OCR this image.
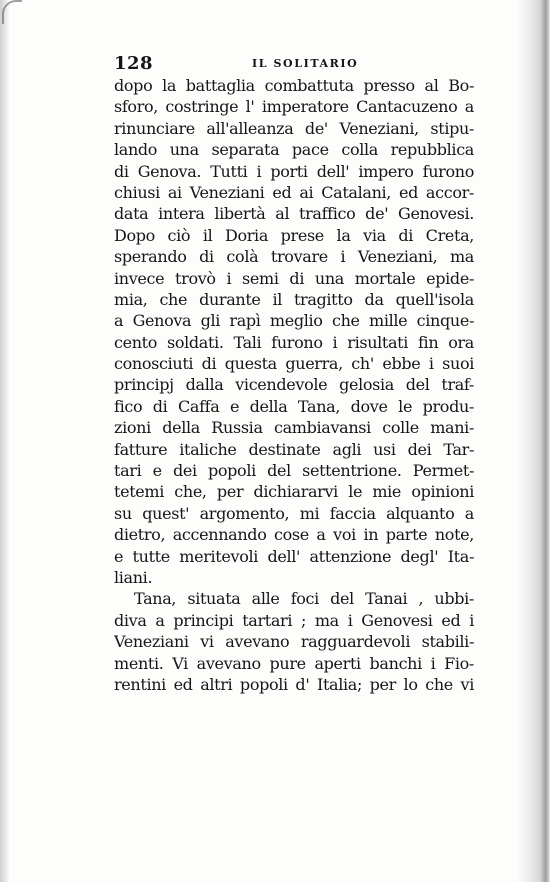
128	IL SOLITARIO
dopo la battaglia combattuta presso al Bo-
sforo, costringe l' imperatore Cantacuzeno a
rinunciare all'alleanza de' Veneziani, stipu-
lando una separata pace colla repubblica
di Genova. Tutti i porti dell' impero furono
chiusi ai Veneziani ed ai Catalani, ed accor-
data intera libertà al traffico de' Genovesi.
Dopo ciò il Doria prese la via di Creta,
sperando di colà trovare i Veneziani, ma
invece trovò i semi di una mortale epide-
mia, che durante il tragitto da quell'isola
a Genova gli rapì meglio che mille cinque-
cento soldati. Tali furono i risultati fin ora
conosciuti di questa guerra, ch' ebbe i suoi
principj dalla vicendevole gelosia del traf-
fico di Caffa e della Tana, dove le produ-
zioni della Russia cambiavansi colle mani-
fatture italiche destinate agli usi dei Tar-
tari e dei popoli del settentrione. Permet-
tetemi che, per dichiararvi le mie opinioni
su quest' argomento, mi faccia alquanto a
dietro, accennando cose a voi in parte note,
e tutte meritevoli dell' attenzione degl' Ita-
liani.
Tana, situata alle foci del Tanai , ubbi-
diva a principi tartari ; ma i Genovesi ed i
Veneziani vi avevano ragguardevoli stabili-
menti. Vi avevano pure aperti banchi i Fio-
rentini ed altri popoli d' Italia; per lo che vi
